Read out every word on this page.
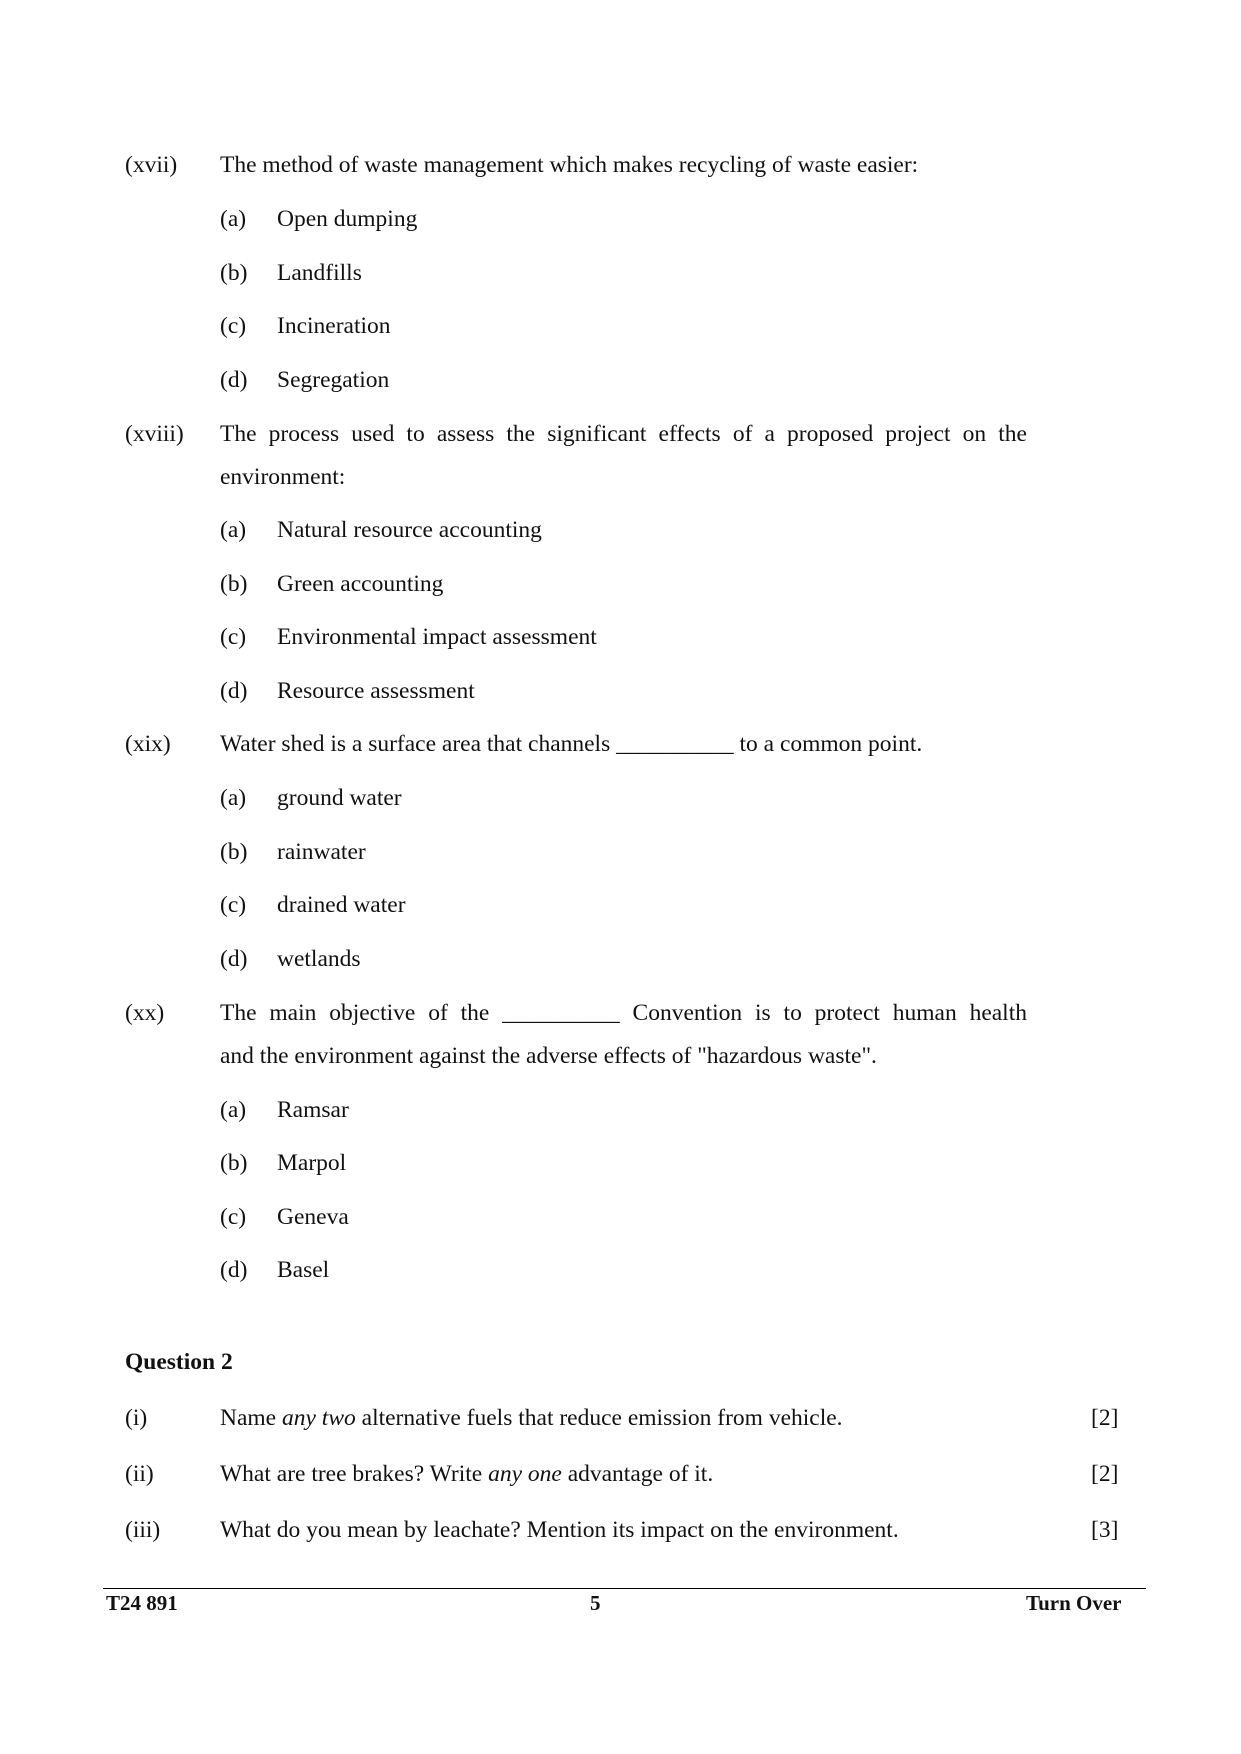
(xvii) The method of waste management which makes recycling of waste easier:
(a) Open dumping
(b) Landfills
(c) Incineration
(d) Segregation
(xviii) The process used to assess the significant effects of a proposed project on the
environment:
(a) Natural resource accounting
(b) Green accounting
(c) Environmental impact assessment
(d) Resource assessment
(xix) Water shed is a surface area that channels __________ to a common point.
(a) ground water
(b) rainwater
(c) drained water
(d) wetlands
(xx) The main objective of the __________ Convention is to protect human health
and the environment against the adverse effects of "hazardous waste".
(a) Ramsar
(b) Marpol
(c) Geneva
(d) Basel
Question 2
(i)	Name any two alternative fuels that reduce emission from vehicle.	[2]
(ii)	What are tree brakes? Write any one advantage of it.	[2]
(iii)	What do you mean by leachate? Mention its impact on the environment.	[3]
T24 891	5	Turn Over
